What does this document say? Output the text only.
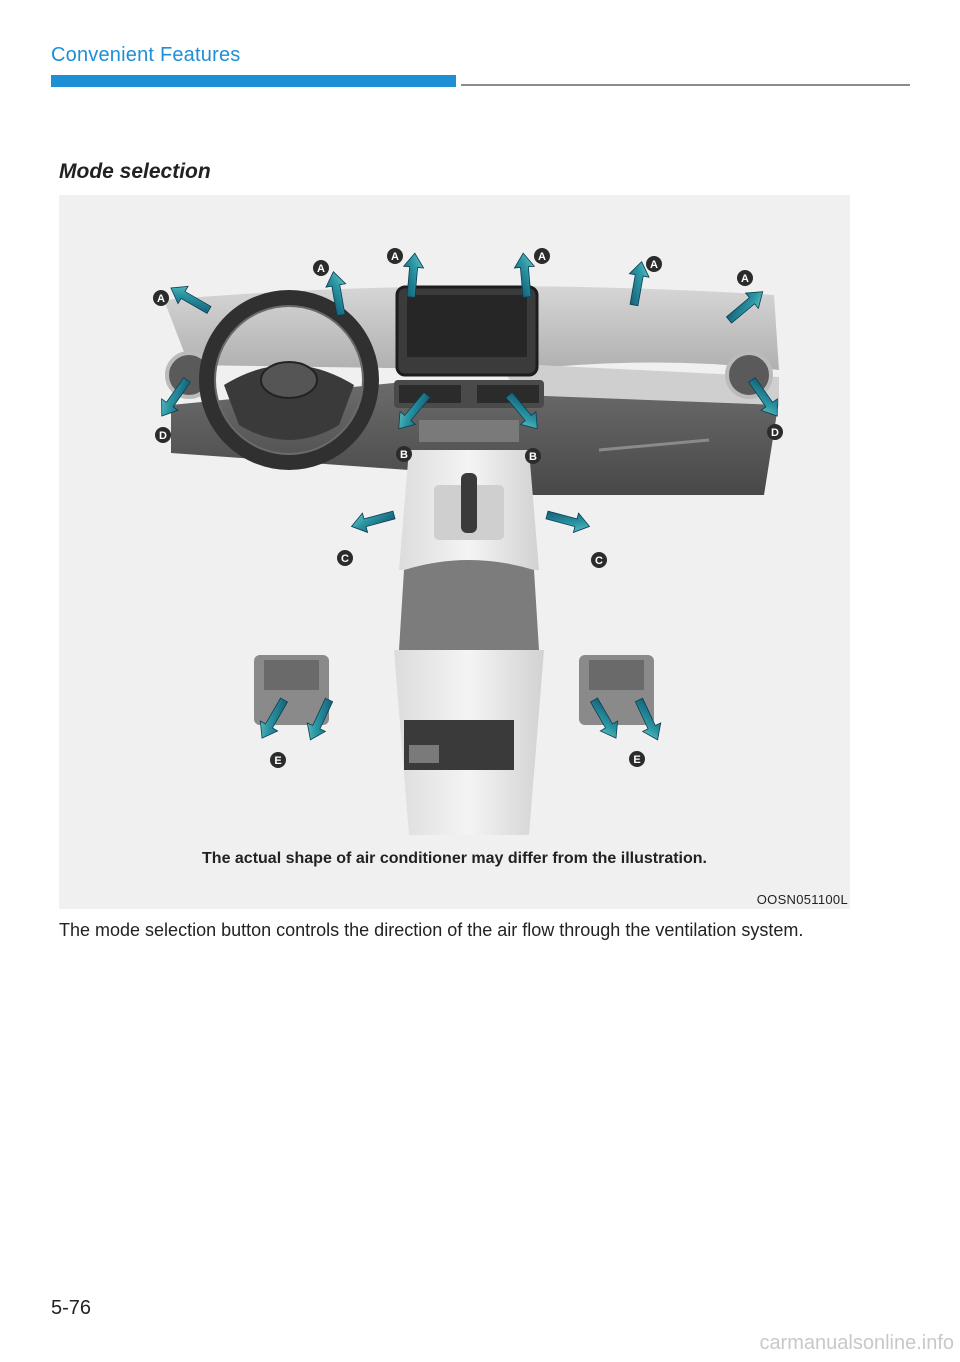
Convenient Features
Mode selection
A
A
A	A
A
A
D	D
B	B
C	C
E	E
The actual shape of air conditioner may differ from the illustration.
OOSN051100L
The mode selection button controls the direction of the air flow through the ventilation system.
5-76
carmanualsonline.info
